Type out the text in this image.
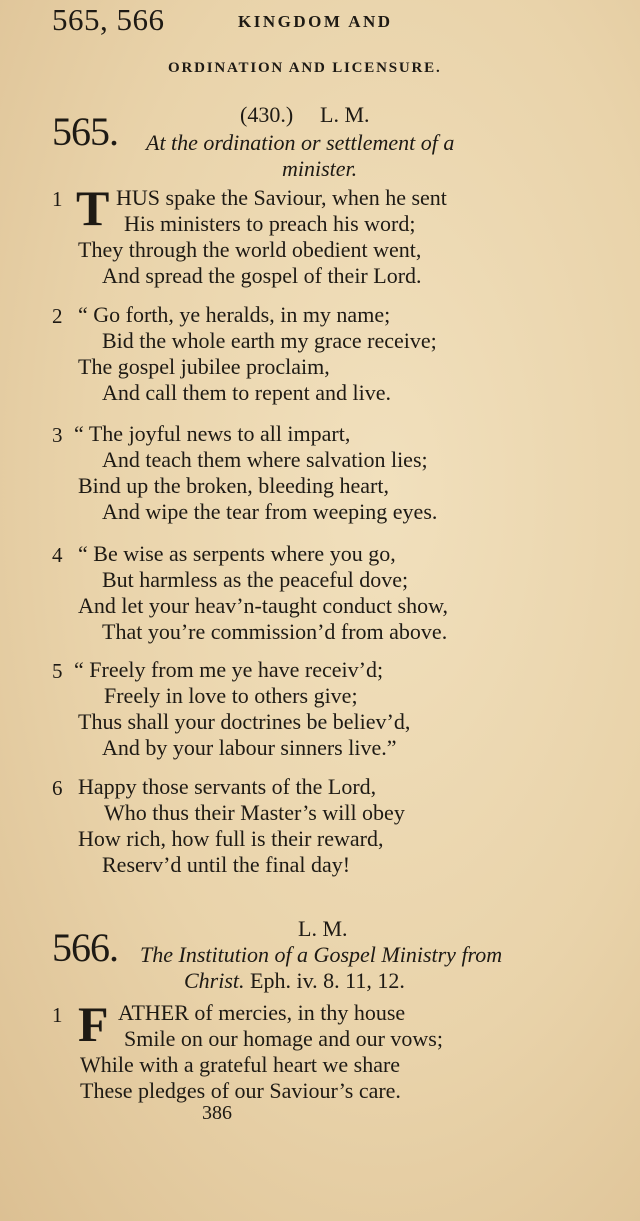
565, 566	KINGDOM AND
ORDINATION AND LICENSURE.
565.	(430.) L. M.
At the ordination or settlement of a
minister.
1 T HUS spake the Saviour, when he sent
His ministers to preach his word;
They through the world obedient went,
And spread the gospel of their Lord.
2 “ Go forth, ye heralds, in my name;
Bid the whole earth my grace receive;
The gospel jubilee proclaim,
And call them to repent and live.
3 “ The joyful news to all impart,
And teach them where salvation lies;
Bind up the broken, bleeding heart,
And wipe the tear from weeping eyes.
4 “ Be wise as serpents where you go,
But harmless as the peaceful dove;
And let your heav’n-taught conduct show,
That you’re commission’d from above.
5 “ Freely from me ye have receiv’d;
Freely in love to others give;
Thus shall your doctrines be believ’d,
And by your labour sinners live.”
6 Happy those servants of the Lord,
Who thus their Master’s will obey
How rich, how full is their reward,
Reserv’d until the final day!
L. M.
566. The Institution of a Gospel Ministry from
Christ. Eph. iv. 8. 11, 12.
1 F ATHER of mercies, in thy house
Smile on our homage and our vows;
While with a grateful heart we share
These pledges of our Saviour’s care.
386
